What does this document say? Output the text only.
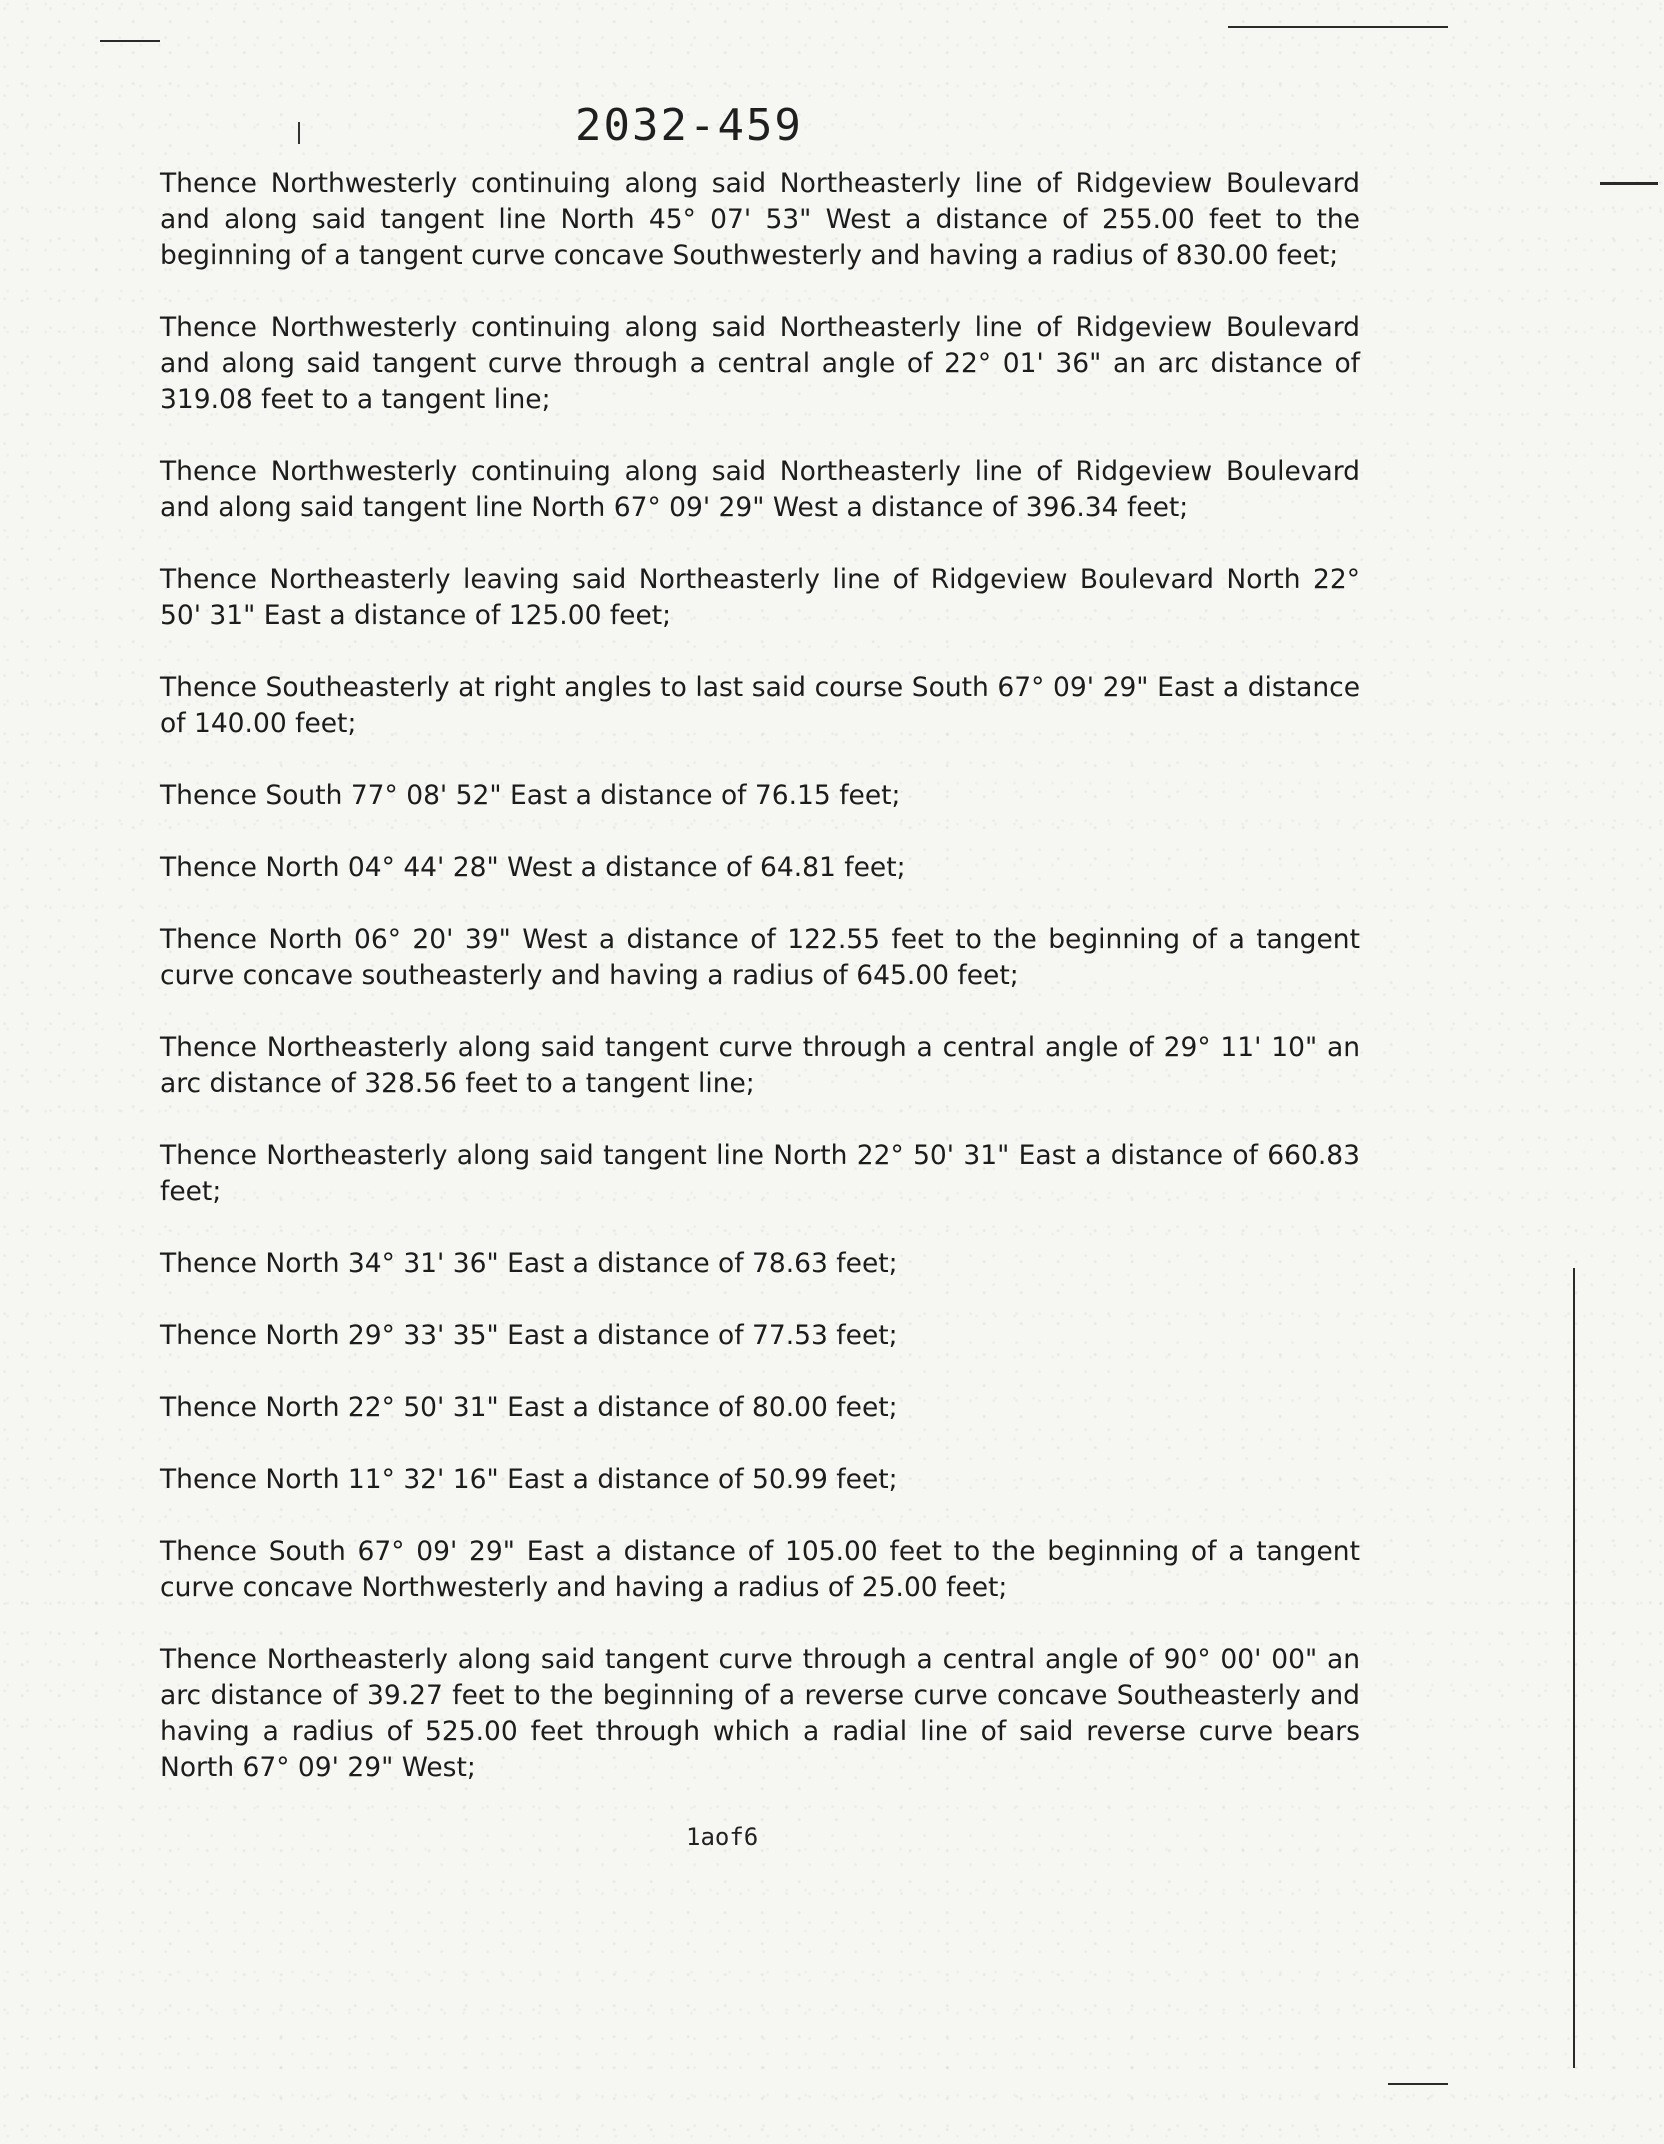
2032-459

Thence Northwesterly continuing along said Northeasterly line of Ridgeview Boulevard and along said tangent line North 45° 07' 53" West a distance of 255.00 feet to the beginning of a tangent curve concave Southwesterly and having a radius of 830.00 feet;

Thence Northwesterly continuing along said Northeasterly line of Ridgeview Boulevard and along said tangent curve through a central angle of 22° 01' 36" an arc distance of 319.08 feet to a tangent line;

Thence Northwesterly continuing along said Northeasterly line of Ridgeview Boulevard and along said tangent line North 67° 09' 29" West a distance of 396.34 feet;

Thence Northeasterly leaving said Northeasterly line of Ridgeview Boulevard North 22° 50' 31" East a distance of 125.00 feet;

Thence Southeasterly at right angles to last said course South 67° 09' 29" East a distance of 140.00 feet;

Thence South 77° 08' 52" East a distance of 76.15 feet;

Thence North 04° 44' 28" West a distance of 64.81 feet;

Thence North 06° 20' 39" West a distance of 122.55 feet to the beginning of a tangent curve concave southeasterly and having a radius of 645.00 feet;

Thence Northeasterly along said tangent curve through a central angle of 29° 11' 10" an arc distance of 328.56 feet to a tangent line;

Thence Northeasterly along said tangent line North 22° 50' 31" East a distance of 660.83 feet;

Thence North 34° 31' 36" East a distance of 78.63 feet;

Thence North 29° 33' 35" East a distance of 77.53 feet;

Thence North 22° 50' 31" East a distance of 80.00 feet;

Thence North 11° 32' 16" East a distance of 50.99 feet;

Thence South 67° 09' 29" East a distance of 105.00 feet to the beginning of a tangent curve concave Northwesterly and having a radius of 25.00 feet;

Thence Northeasterly along said tangent curve through a central angle of 90° 00' 00" an arc distance of 39.27 feet to the beginning of a reverse curve concave Southeasterly and having a radius of 525.00 feet through which a radial line of said reverse curve bears North 67° 09' 29" West;

1aof6
